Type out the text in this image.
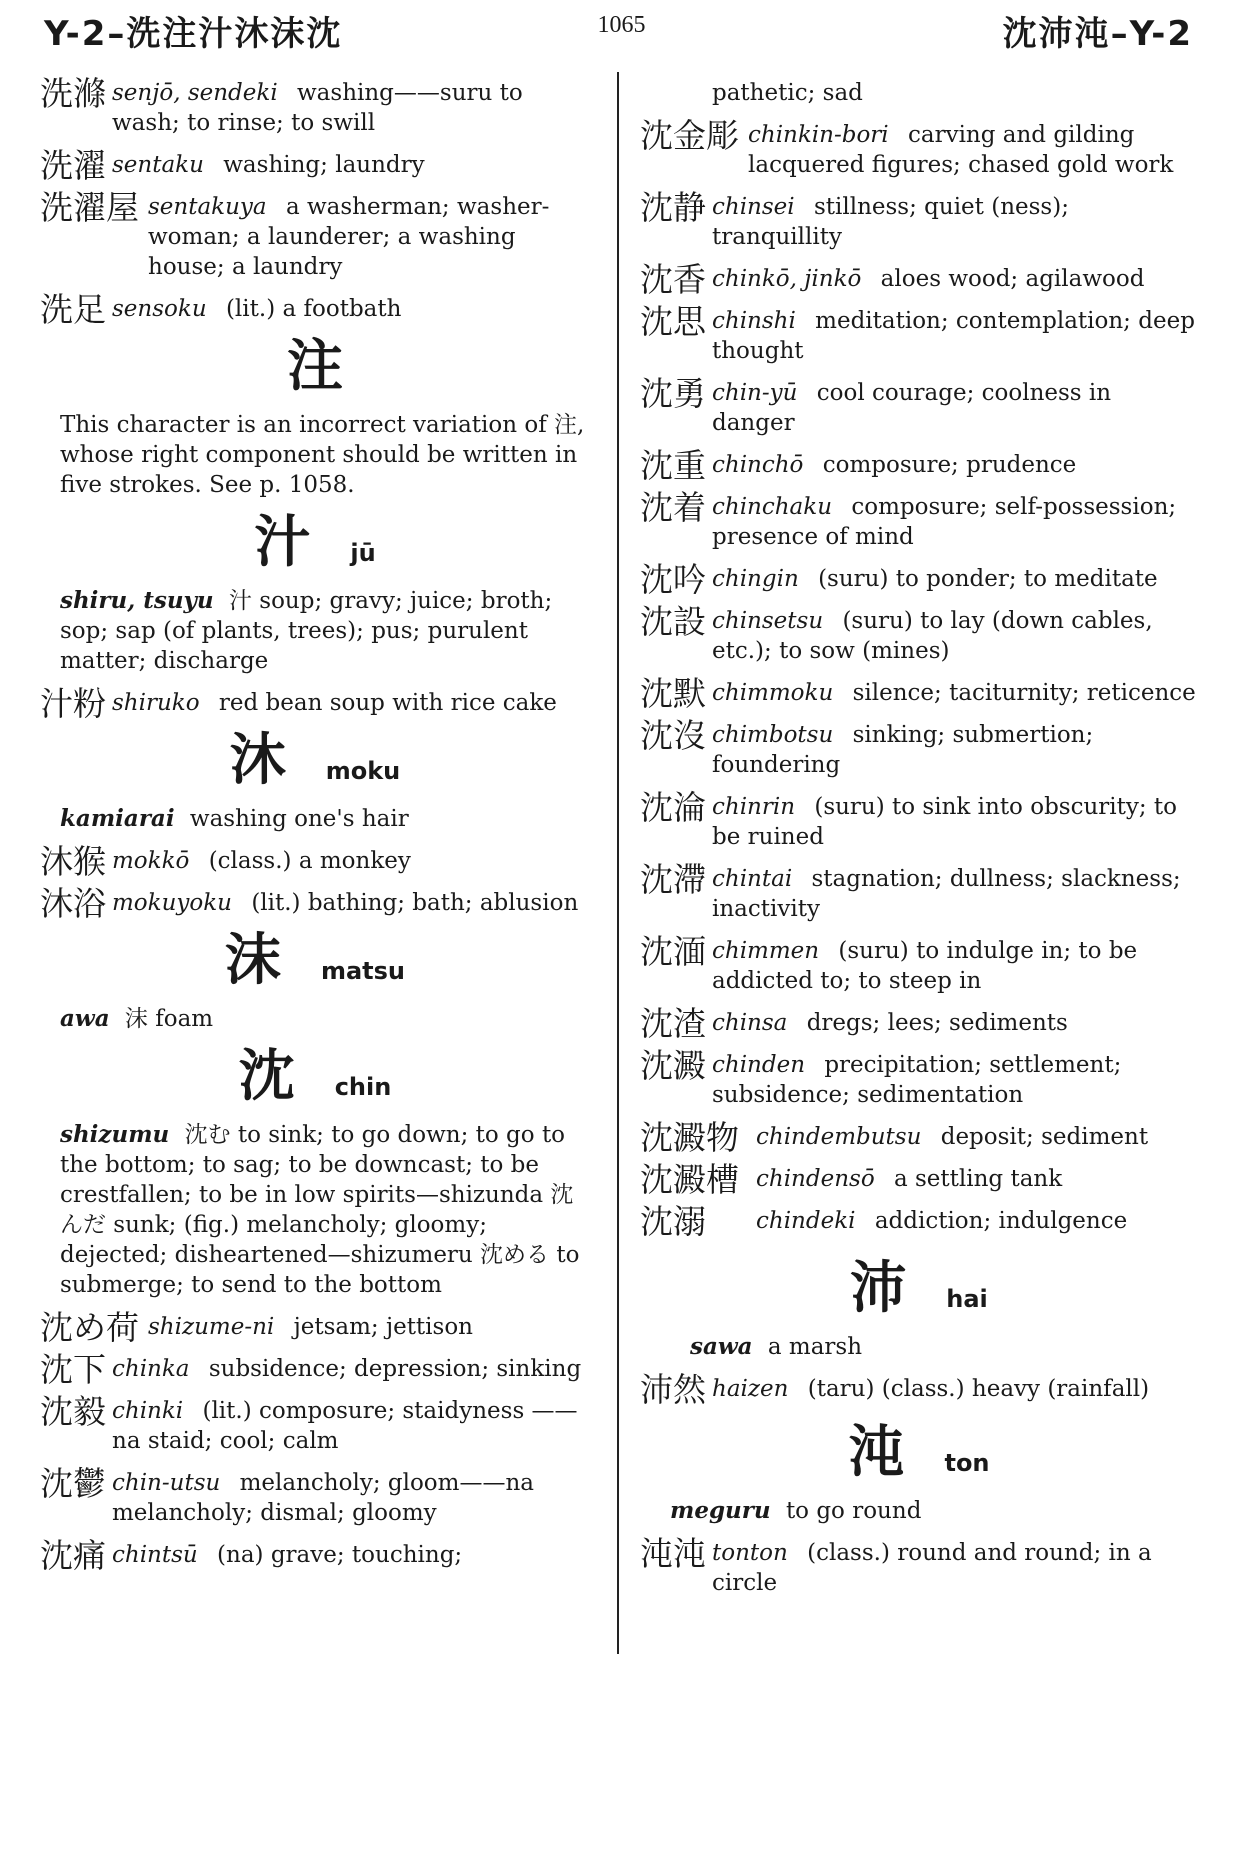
Y-2–洗注汁沐沫沈	1065	沈沛沌–Y-2
洗滌 senjō, sendeki washing——suru to wash; to rinse; to swill
洗濯 sentaku washing; laundry
洗濯屋 sentakuya a washerman; washer-woman; a launderer; a washing house; a laundry
洗足 sensoku (lit.) a footbath
注
This character is an incorrect variation of 注, whose right component should be written in five strokes. See p. 1058.
汁 jū
shiru, tsuyu 汁 soup; gravy; juice; broth; sop; sap (of plants, trees); pus; purulent matter; discharge
汁粉 shiruko red bean soup with rice cake
沐 moku
kamiarai washing one's hair
沐猴 mokkō (class.) a monkey
沐浴 mokuyoku (lit.) bathing; bath; ablusion
沫 matsu
awa 沫 foam
沈 chin
shizumu 沈む to sink; to go down; to go to the bottom; to sag; to be downcast; to be crestfallen; to be in low spirits—shizunda 沈んだ sunk; (fig.) melancholy; gloomy; dejected; disheartened—shizumeru 沈める to submerge; to send to the bottom
沈め荷 shizume-ni jetsam; jettison
沈下 chinka subsidence; depression; sinking
沈毅 chinki (lit.) composure; staidyness ——na staid; cool; calm
沈鬱 chin-utsu melancholy; gloom——na melancholy; dismal; gloomy
沈痛 chintsū (na) grave; touching;
pathetic; sad
沈金彫 chinkin-bori carving and gilding lacquered figures; chased gold work
沈静 chinsei stillness; quiet (ness); tranquillity
沈香 chinkō, jinkō aloes wood; agilawood
沈思 chinshi meditation; contemplation; deep thought
沈勇 chin-yū cool courage; coolness in danger
沈重 chinchō composure; prudence
沈着 chinchaku composure; self-possession; presence of mind
沈吟 chingin (suru) to ponder; to meditate
沈設 chinsetsu (suru) to lay (down cables, etc.); to sow (mines)
沈默 chimmoku silence; taciturnity; reticence
沈沒 chimbotsu sinking; submertion; foundering
沈淪 chinrin (suru) to sink into obscurity; to be ruined
沈滯 chintai stagnation; dullness; slackness; inactivity
沈湎 chimmen (suru) to indulge in; to be addicted to; to steep in
沈渣 chinsa dregs; lees; sediments
沈澱 chinden precipitation; settlement; subsidence; sedimentation
沈澱物 chindembutsu deposit; sediment
沈澱槽 chindensō a settling tank
沈溺 chindeki addiction; indulgence
沛 hai
sawa a marsh
沛然 haizen (taru) (class.) heavy (rainfall)
沌 ton
meguru to go round
沌沌 tonton (class.) round and round; in a circle
